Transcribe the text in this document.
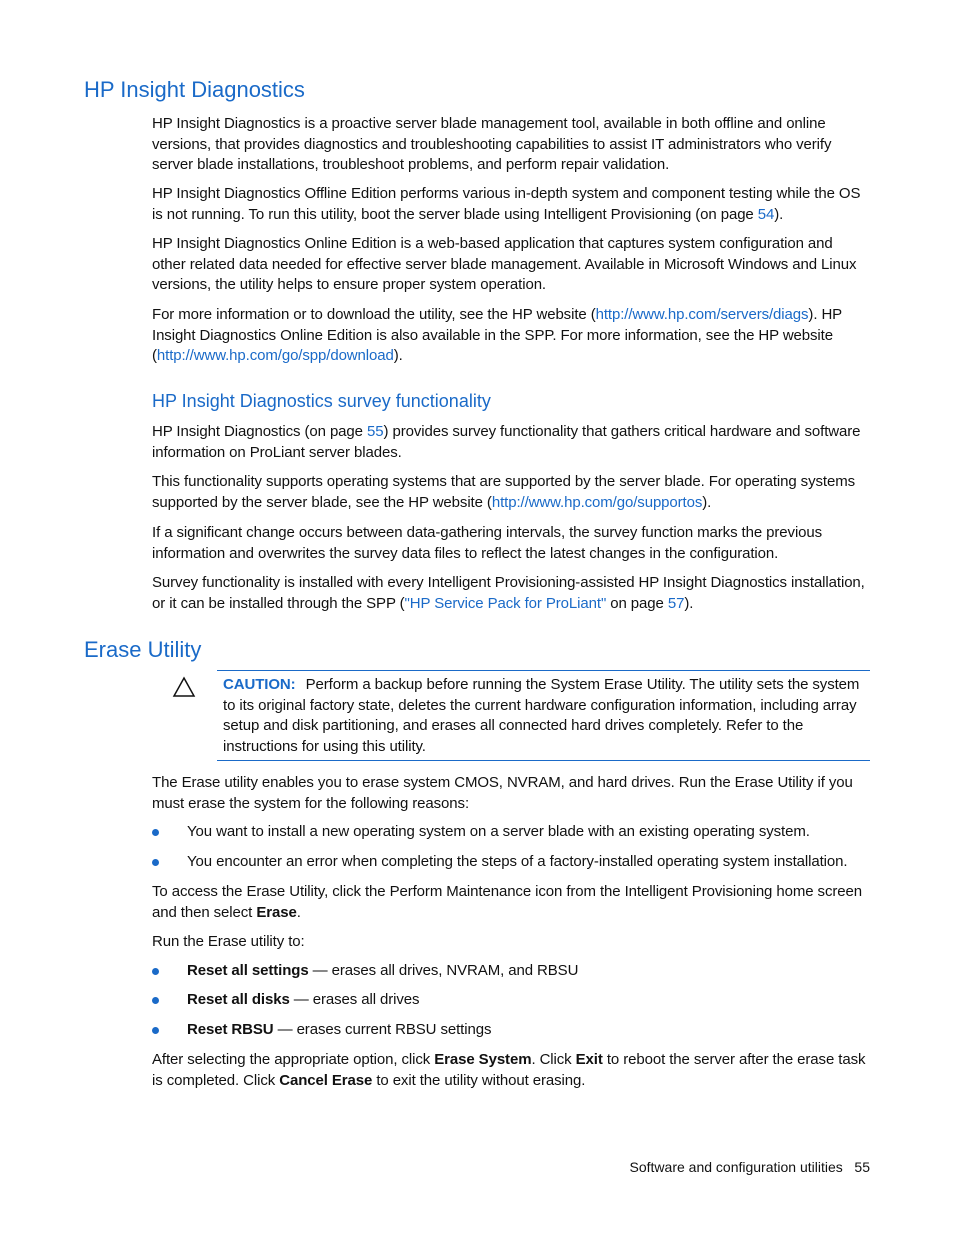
HP Insight Diagnostics

HP Insight Diagnostics is a proactive server blade management tool, available in both offline and online versions, that provides diagnostics and troubleshooting capabilities to assist IT administrators who verify server blade installations, troubleshoot problems, and perform repair validation.

HP Insight Diagnostics Offline Edition performs various in-depth system and component testing while the OS is not running. To run this utility, boot the server blade using Intelligent Provisioning (on page 54).

HP Insight Diagnostics Online Edition is a web-based application that captures system configuration and other related data needed for effective server blade management. Available in Microsoft Windows and Linux versions, the utility helps to ensure proper system operation.

For more information or to download the utility, see the HP website (http://www.hp.com/servers/diags). HP Insight Diagnostics Online Edition is also available in the SPP. For more information, see the HP website (http://www.hp.com/go/spp/download).

HP Insight Diagnostics survey functionality

HP Insight Diagnostics (on page 55) provides survey functionality that gathers critical hardware and software information on ProLiant server blades.

This functionality supports operating systems that are supported by the server blade. For operating systems supported by the server blade, see the HP website (http://www.hp.com/go/supportos).

If a significant change occurs between data-gathering intervals, the survey function marks the previous information and overwrites the survey data files to reflect the latest changes in the configuration.

Survey functionality is installed with every Intelligent Provisioning-assisted HP Insight Diagnostics installation, or it can be installed through the SPP ("HP Service Pack for ProLiant" on page 57).

Erase Utility

CAUTION: Perform a backup before running the System Erase Utility. The utility sets the system to its original factory state, deletes the current hardware configuration information, including array setup and disk partitioning, and erases all connected hard drives completely. Refer to the instructions for using this utility.

The Erase utility enables you to erase system CMOS, NVRAM, and hard drives. Run the Erase Utility if you must erase the system for the following reasons:

You want to install a new operating system on a server blade with an existing operating system.
You encounter an error when completing the steps of a factory-installed operating system installation.

To access the Erase Utility, click the Perform Maintenance icon from the Intelligent Provisioning home screen and then select Erase.

Run the Erase utility to:

Reset all settings — erases all drives, NVRAM, and RBSU
Reset all disks — erases all drives
Reset RBSU — erases current RBSU settings

After selecting the appropriate option, click Erase System. Click Exit to reboot the server after the erase task is completed. Click Cancel Erase to exit the utility without erasing.

Software and configuration utilities 55
